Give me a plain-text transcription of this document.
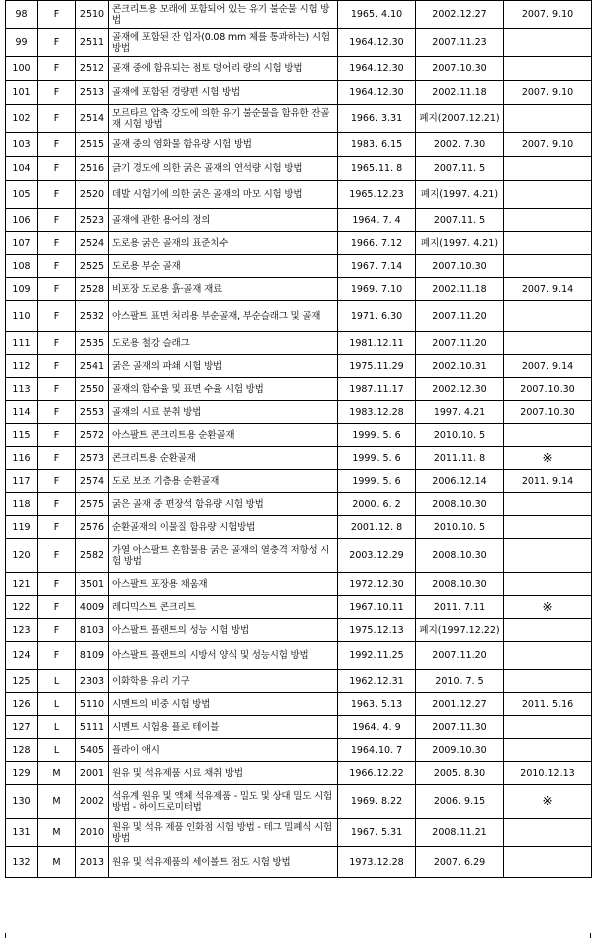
98	F	2510	콘크리트용 모래에 포함되어 있는 유기 불순물 시험 방법	1965. 4.10	2002.12.27	2007. 9.10
99	F	2511	골재에 포함된 잔 입자(0.08 mm 체를 통과하는) 시험 방법	1964.12.30	2007.11.23	
100	F	2512	골재 중에 함유되는 점토 덩어리 량의 시험 방법	1964.12.30	2007.10.30	
101	F	2513	골재에 포함된 경량편 시험 방법	1964.12.30	2002.11.18	2007. 9.10
102	F	2514	모르타르 압축 강도에 의한 유기 불순물을 함유한 잔골재 시험 방법	1966. 3.31	폐지(2007.12.21)	
103	F	2515	골재 중의 염화물 함유량 시험 방법	1983. 6.15	2002. 7.30	2007. 9.10
104	F	2516	긁기 경도에 의한 굵은 골재의 연석량 시험 방법	1965.11. 8	2007.11. 5	
105	F	2520	데발 시험기에 의한 굵은 골재의 마모 시험 방법	1965.12.23	폐지(1997. 4.21)	
106	F	2523	골재에 관한 용어의 정의	1964. 7. 4	2007.11. 5	
107	F	2524	도로용 굵은 골재의 표준치수	1966. 7.12	폐지(1997. 4.21)	
108	F	2525	도로용 부순 골재	1967. 7.14	2007.10.30	
109	F	2528	비포장 도로용 흙·골재 재료	1969. 7.10	2002.11.18	2007. 9.14
110	F	2532	아스팔트 표면 처리용 부순골재, 부순슬래그 및 골재	1971. 6.30	2007.11.20	
111	F	2535	도로용 철강 슬래그	1981.12.11	2007.11.20	
112	F	2541	굵은 골재의 파쇄 시험 방법	1975.11.29	2002.10.31	2007. 9.14
113	F	2550	골재의 함수율 및 표면 수율 시험 방법	1987.11.17	2002.12.30	2007.10.30
114	F	2553	골재의 시료 분취 방법	1983.12.28	1997. 4.21	2007.10.30
115	F	2572	아스팔트 콘크리트용 순환골재	1999. 5. 6	2010.10. 5	
116	F	2573	콘크리트용 순환골재	1999. 5. 6	2011.11. 8	※
117	F	2574	도로 보조 기층용 순환골재	1999. 5. 6	2006.12.14	2011. 9.14
118	F	2575	굵은 골재 중 편장석 함유량 시험 방법	2000. 6. 2	2008.10.30	
119	F	2576	순환골재의 이물질 함유량 시험방법	2001.12. 8	2010.10. 5	
120	F	2582	가열 아스팔트 혼합물용 굵은 골재의 열충격 저항성 시험 방법	2003.12.29	2008.10.30	
121	F	3501	아스팔트 포장용 채움재	1972.12.30	2008.10.30	
122	F	4009	레디믹스트 콘크리트	1967.10.11	2011. 7.11	※
123	F	8103	아스팔트 플랜트의 성능 시험 방법	1975.12.13	폐지(1997.12.22)	
124	F	8109	아스팔트 플랜트의 시방서 양식 및 성능시험 방법	1992.11.25	2007.11.20	
125	L	2303	이화학용 유리 기구	1962.12.31	2010. 7. 5	
126	L	5110	시멘트의 비중 시험 방법	1963. 5.13	2001.12.27	2011. 5.16
127	L	5111	시멘트 시험용 플로 테이블	1964. 4. 9	2007.11.30	
128	L	5405	플라이 애시	1964.10. 7	2009.10.30	
129	M	2001	원유 및 석유제품 시료 채취 방법	1966.12.22	2005. 8.30	2010.12.13
130	M	2002	석유계 원유 및 액체 석유제품 - 밀도 및 상대 밀도 시험 방법 - 하이드로미터법	1969. 8.22	2006. 9.15	※
131	M	2010	원유 및 석유 제품 인화점 시험 방법 - 테그 밀폐식 시험방법	1967. 5.31	2008.11.21	
132	M	2013	원유 및 석유제품의 세이볼트 점도 시험 방법	1973.12.28	2007. 6.29	
